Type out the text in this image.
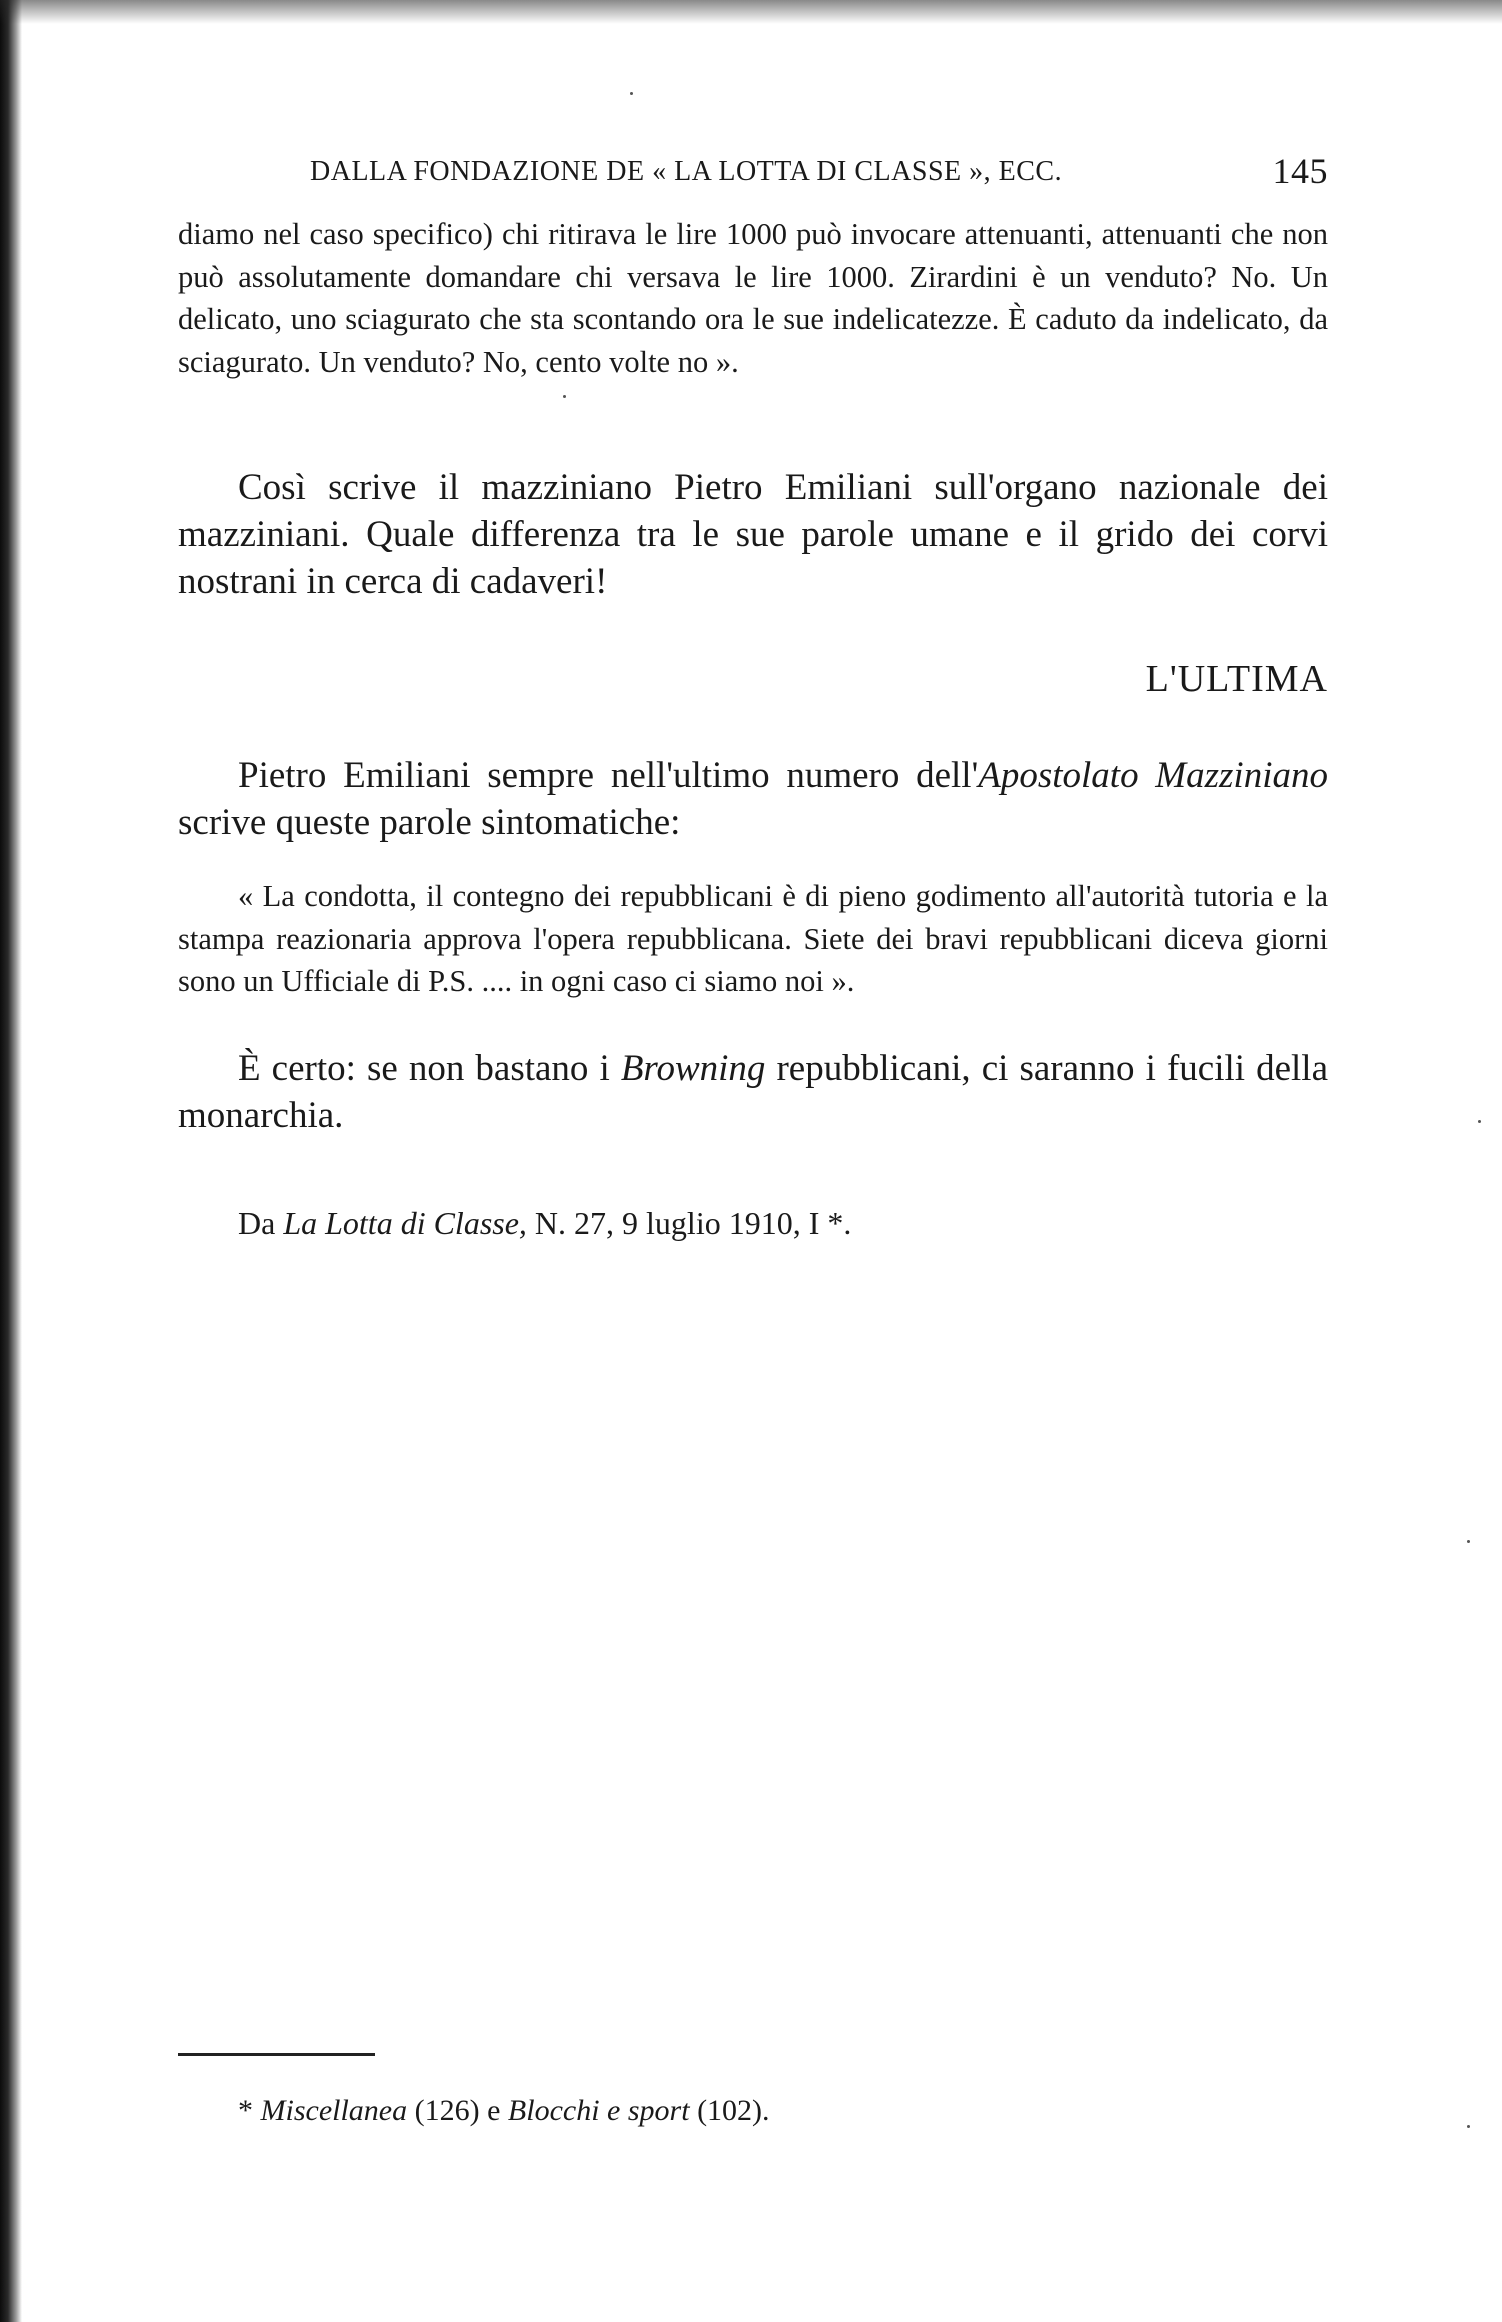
DALLA FONDAZIONE DE « LA LOTTA DI CLASSE », ECC.	145
diamo nel caso specifico) chi ritirava le lire 1000 può invocare attenuanti, attenuanti che non può assolutamente domandare chi versava le lire 1000. Zirardini è un venduto? No. Un delicato, uno sciagurato che sta scontando ora le sue indelicatezze. È caduto da indelicato, da sciagurato. Un venduto? No, cento volte no ».
Così scrive il mazziniano Pietro Emiliani sull'organo nazionale dei mazziniani. Quale differenza tra le sue parole umane e il grido dei corvi nostrani in cerca di cadaveri!
L'ULTIMA
Pietro Emiliani sempre nell'ultimo numero dell'Apostolato Mazziniano scrive queste parole sintomatiche:
« La condotta, il contegno dei repubblicani è di pieno godimento all'autorità tutoria e la stampa reazionaria approva l'opera repubblicana. Siete dei bravi repubblicani diceva giorni sono un Ufficiale di P.S. .... in ogni caso ci siamo noi ».
È certo: se non bastano i Browning repubblicani, ci saranno i fucili della monarchia.
Da La Lotta di Classe, N. 27, 9 luglio 1910, I *.
* Miscellanea (126) e Blocchi e sport (102).
